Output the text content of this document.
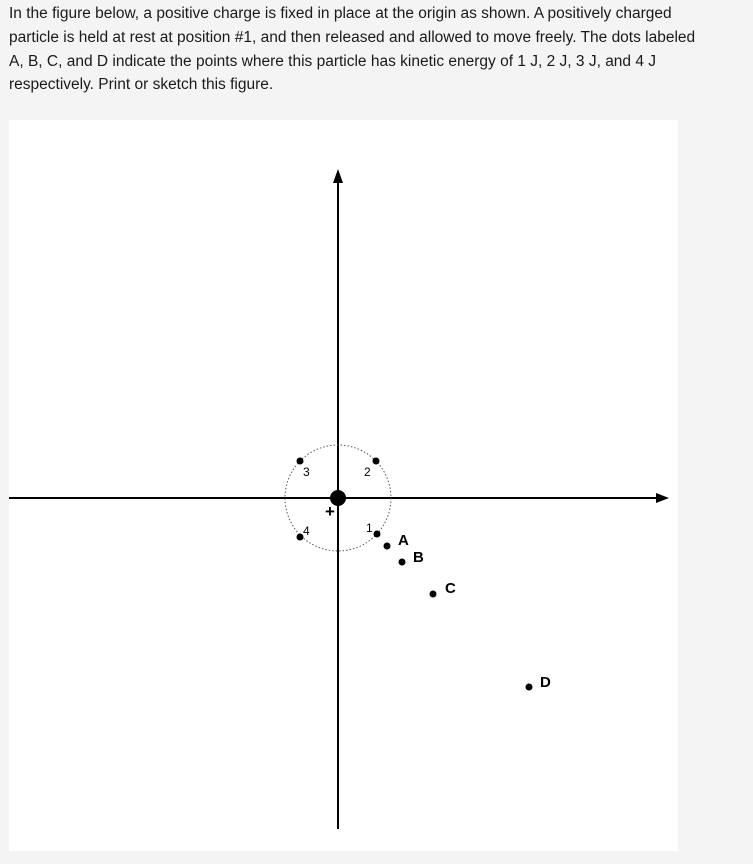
In the figure below, a positive charge is fixed in place at the origin as shown. A positively charged particle is held at rest at position #1, and then released and allowed to move freely. The dots labeled A, B, C, and D indicate the points where this particle has kinetic energy of 1 J, 2 J, 3 J, and 4 J respectively. Print or sketch this figure.

+
1
2
3
4
A
B
C
D
